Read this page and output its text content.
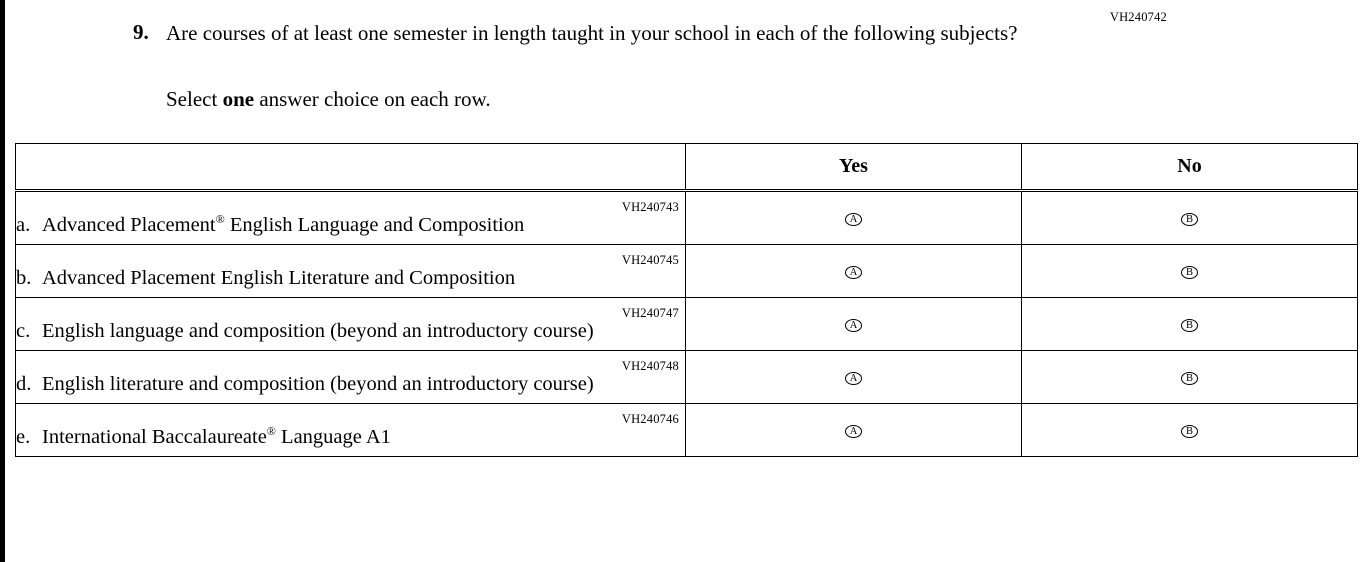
VH240742
9. Are courses of at least one semester in length taught in your school in each of the following subjects?
Select one answer choice on each row.
	Yes	No

VH240743
a. Advanced Placement® English Language and Composition	A	B

VH240745
b. Advanced Placement English Literature and Composition	A	B

VH240747
c. English language and composition (beyond an introductory course)	A	B

VH240748
d. English literature and composition (beyond an introductory course)	A	B

VH240746
e. International Baccalaureate® Language A1	A	B
